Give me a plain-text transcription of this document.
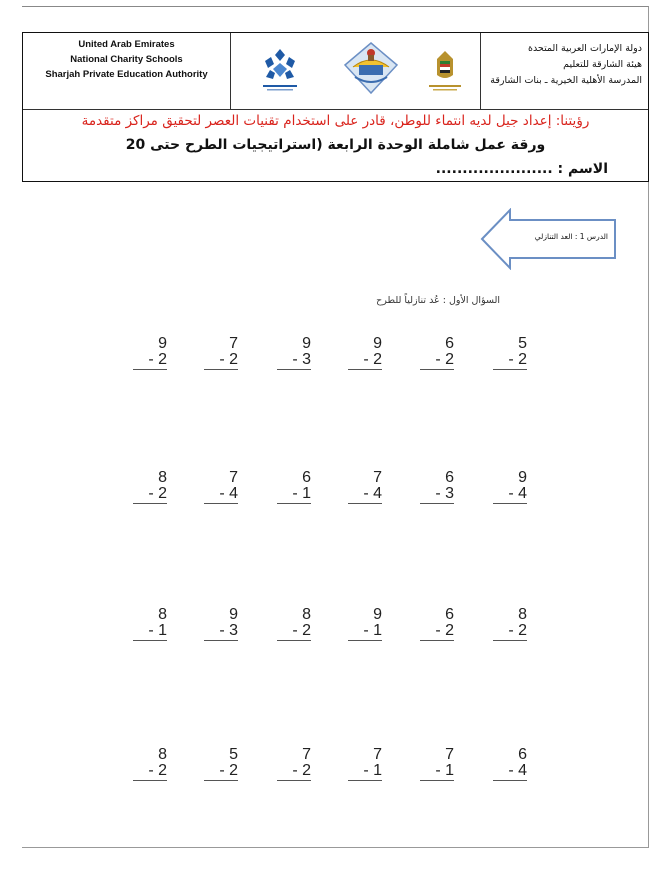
United Arab Emirates
National Charity Schools
Sharjah Private Education Authority
دولة الإمارات العربية المتحدة
هيئة الشارقة للتعليم
المدرسة الأهلية الخيرية ـ بنات الشارقة
رؤيتنا: إعداد جيل لديه انتماء للوطن، قادر على استخدام تقنيات العصر لتحقيق مراكز متقدمة
ورقة عمل شاملة الوحدة الرابعة (استراتيجيات الطرح حتى 20
الاسم : ......................
الدرس 1 : العد التنازلي
السؤال الأول : عُد تنازلياً للطرح
9
- 2
7
- 2
9
- 3
9
- 2
6
- 2
5
- 2
8
- 2
7
- 4
6
- 1
7
- 4
6
- 3
9
- 4
8
- 1
9
- 3
8
- 2
9
- 1
6
- 2
8
- 2
8
- 2
5
- 2
7
- 2
7
- 1
7
- 1
6
- 4
